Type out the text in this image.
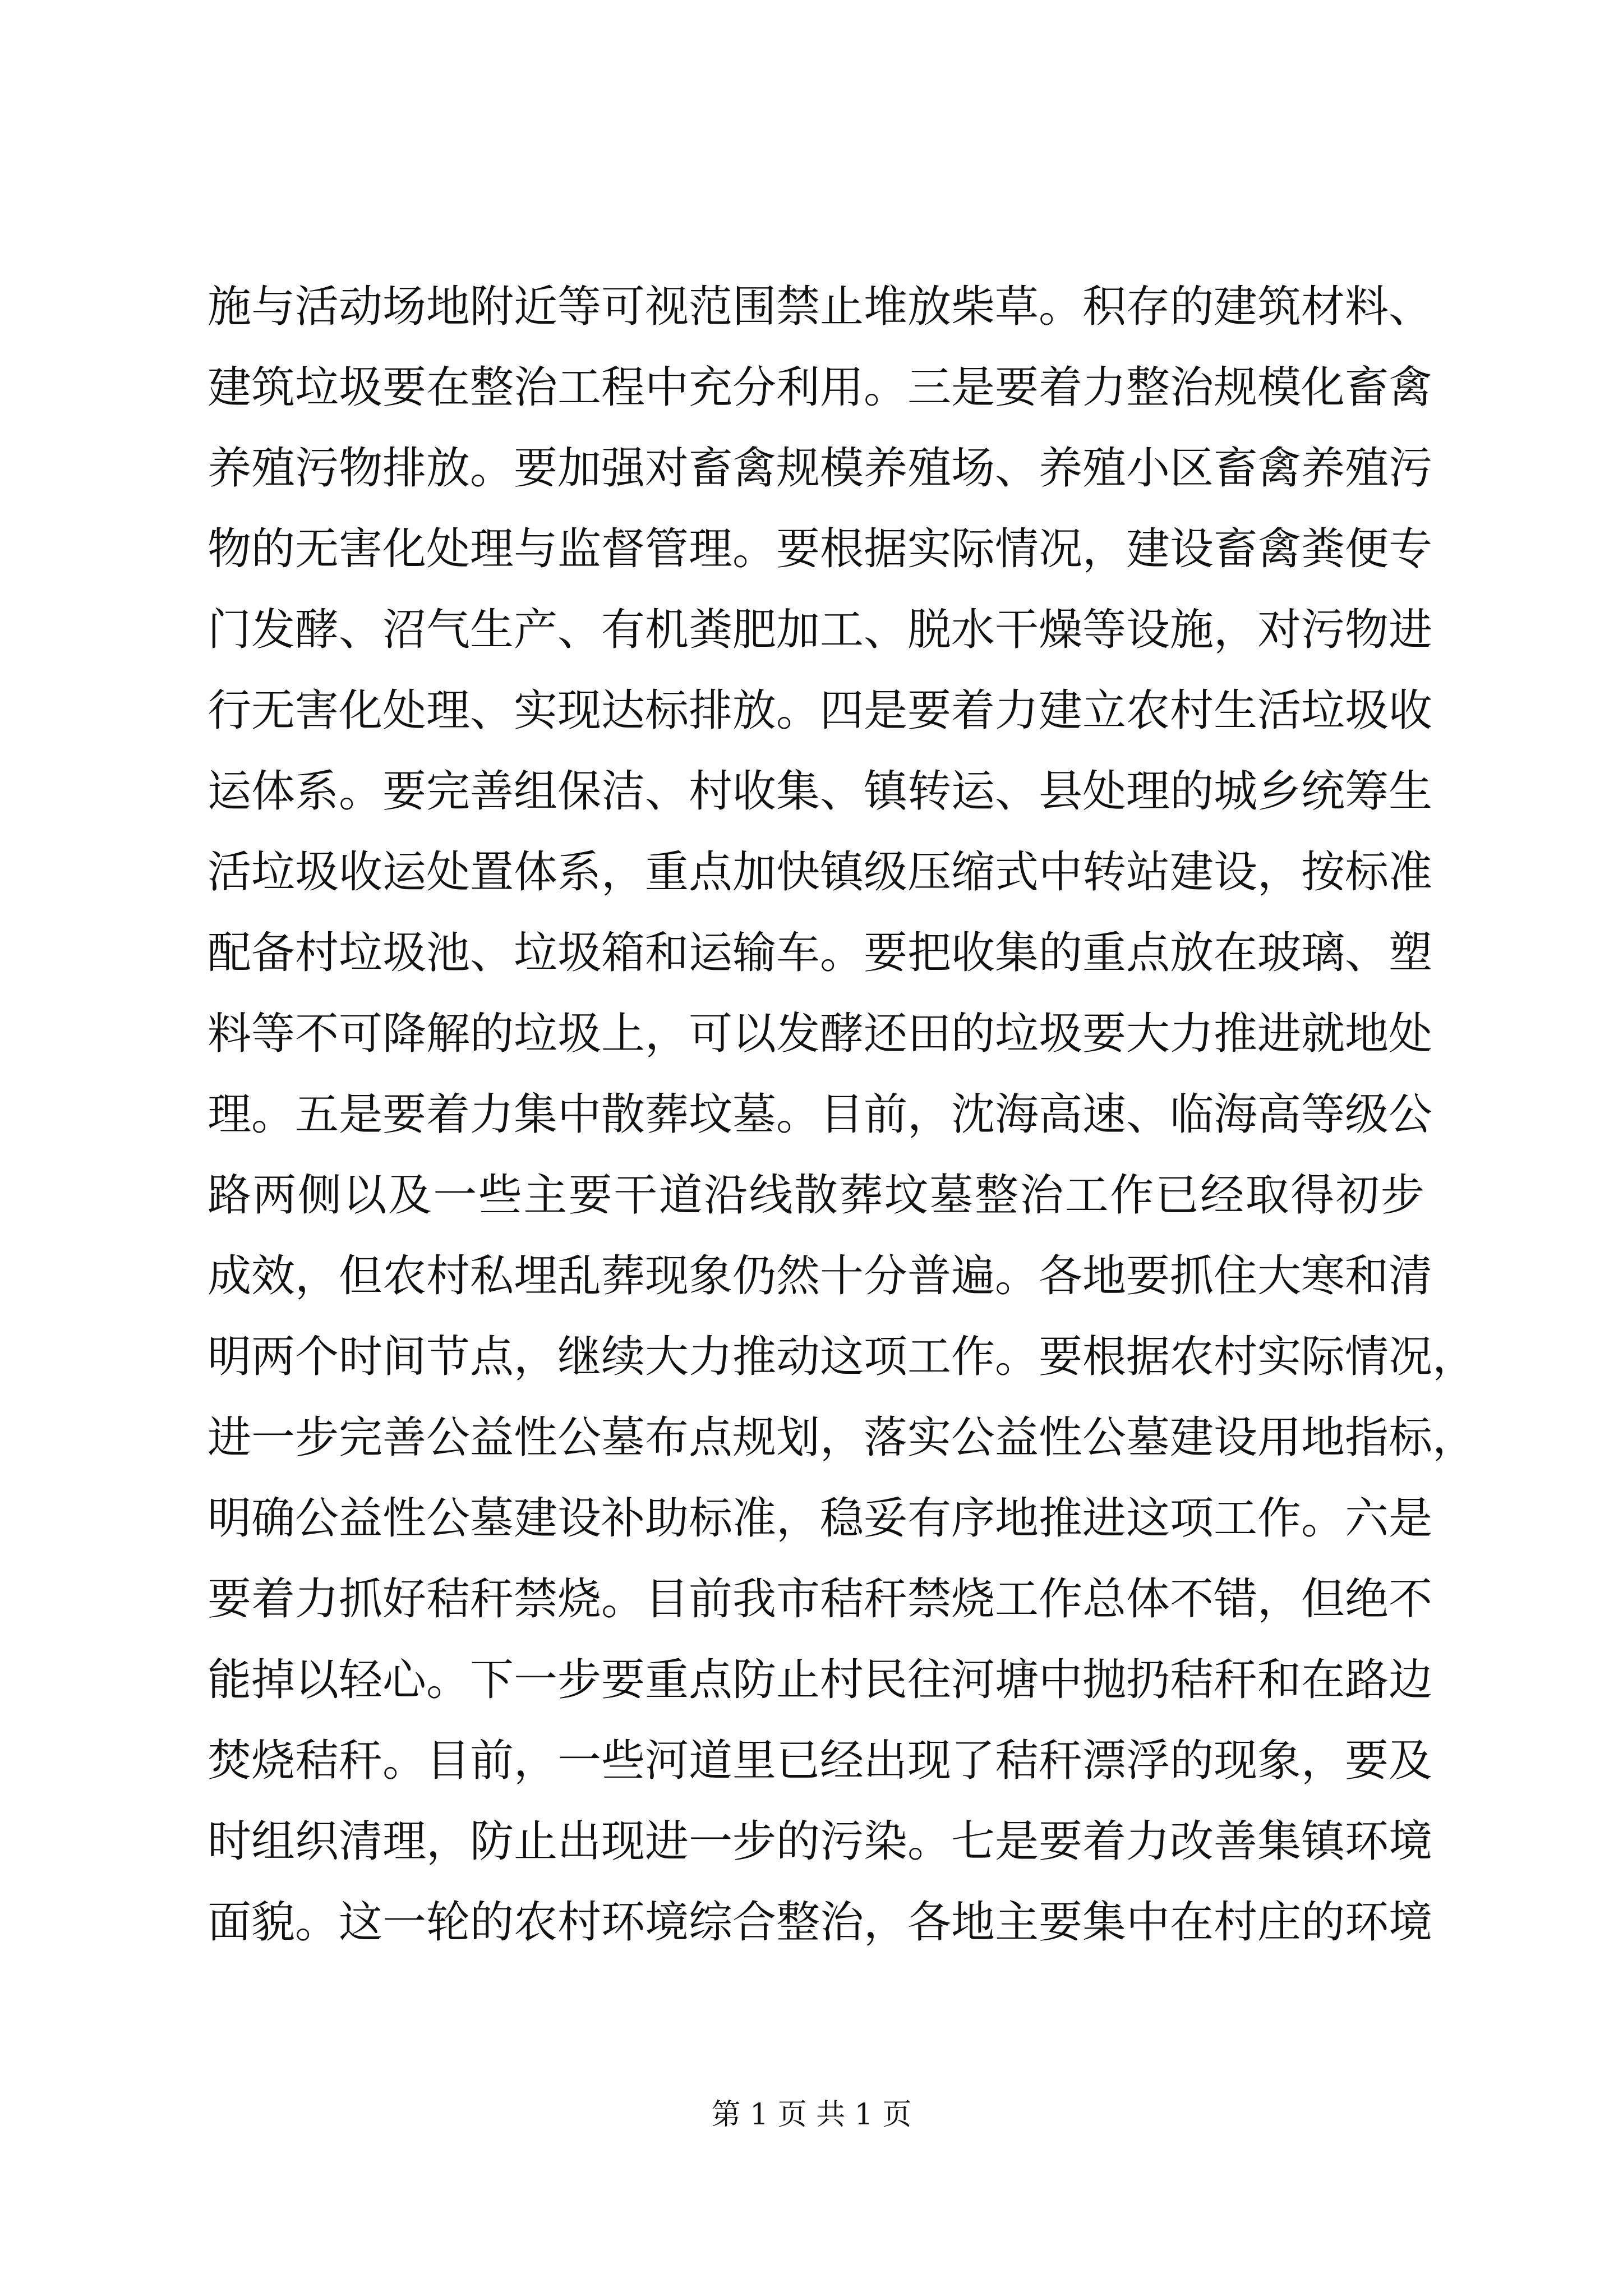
施与活动场地附近等可视范围禁止堆放柴草。积存的建筑材料、
建筑垃圾要在整治工程中充分利用。三是要着力整治规模化畜禽
养殖污物排放。要加强对畜禽规模养殖场、养殖小区畜禽养殖污
物的无害化处理与监督管理。要根据实际情况，建设畜禽粪便专
门发酵、沼气生产、有机粪肥加工、脱水干燥等设施，对污物进
行无害化处理、实现达标排放。四是要着力建立农村生活垃圾收
运体系。要完善组保洁、村收集、镇转运、县处理的城乡统筹生
活垃圾收运处置体系，重点加快镇级压缩式中转站建设，按标准
配备村垃圾池、垃圾箱和运输车。要把收集的重点放在玻璃、塑
料等不可降解的垃圾上，可以发酵还田的垃圾要大力推进就地处
理。五是要着力集中散葬坟墓。目前，沈海高速、临海高等级公
路两侧以及一些主要干道沿线散葬坟墓整治工作已经取得初步
成效，但农村私埋乱葬现象仍然十分普遍。各地要抓住大寒和清
明两个时间节点，继续大力推动这项工作。要根据农村实际情况，
进一步完善公益性公墓布点规划，落实公益性公墓建设用地指标，
明确公益性公墓建设补助标准，稳妥有序地推进这项工作。六是
要着力抓好秸秆禁烧。目前我市秸秆禁烧工作总体不错，但绝不
能掉以轻心。下一步要重点防止村民往河塘中抛扔秸秆和在路边
焚烧秸秆。目前，一些河道里已经出现了秸秆漂浮的现象，要及
时组织清理，防止出现进一步的污染。七是要着力改善集镇环境
面貌。这一轮的农村环境综合整治，各地主要集中在村庄的环境
第 1 页 共 1 页
